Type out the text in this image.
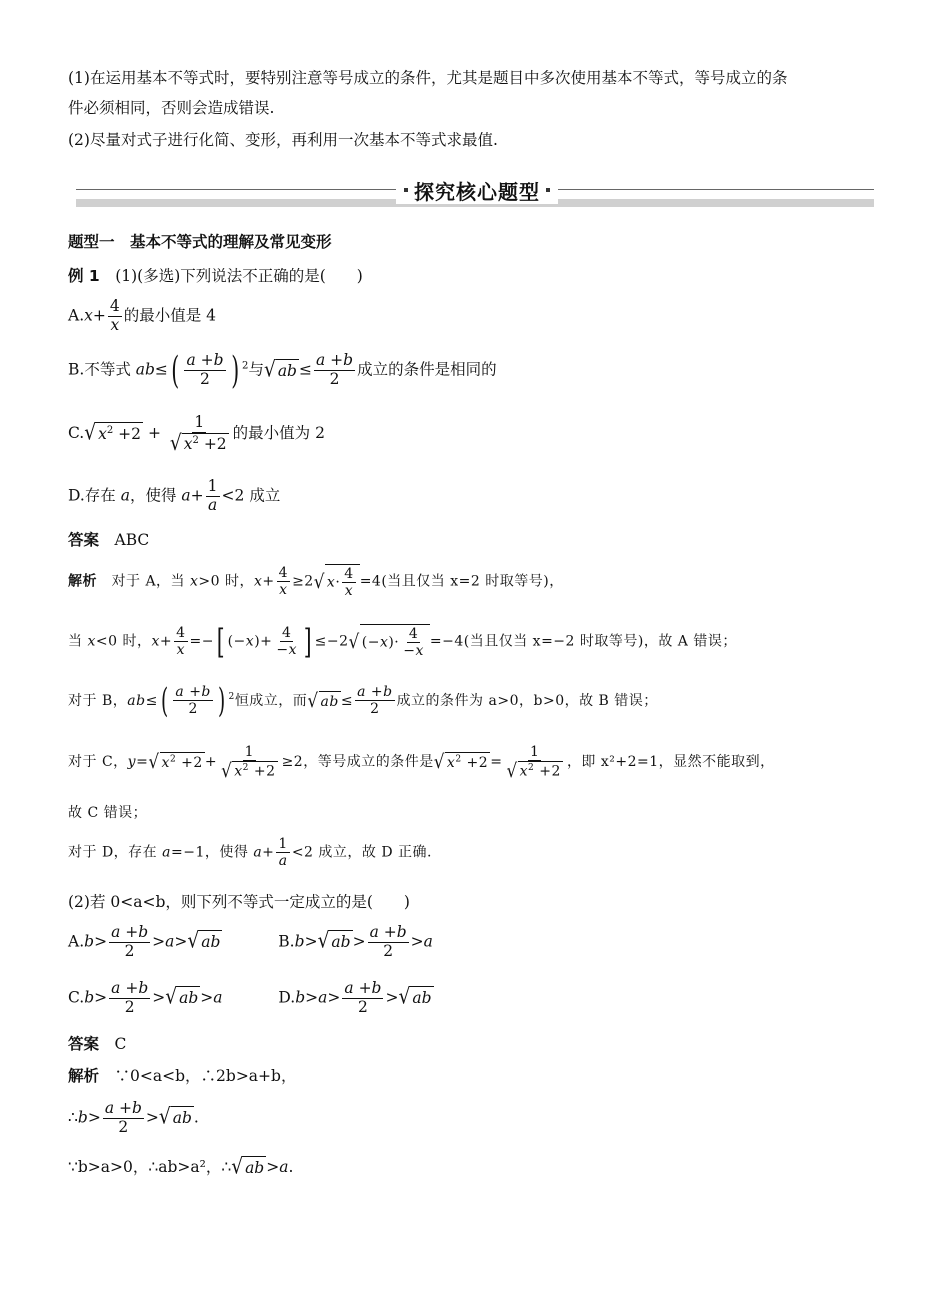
(1)在运用基本不等式时，要特别注意等号成立的条件，尤其是题目中多次使用基本不等式，等号成立的条
件必须相同，否则会造成错误.
(2)尽量对式子进行化简、变形，再利用一次基本不等式求最值.
探究核心题型
题型一　基本不等式的理解及常见变形
例 1　 (1)(多选)下列说法不正确的是(　　)
$A.x+ \frac{4}{x}$ 的最小值是 4
B.不等式 $ab\le( \frac{a +b}{2}$ ) $^2$与√ ab ≤ $\frac{a +b}{2}$ 成立的条件是相同的
C.√ $x^2 +2 + \frac{1}{√ x^2 +2}$ 的最小值为 2
D.存在 a，使得 $a+ \frac{1}{a} <2$ 成立
答案　 ABC
解析　 对于 A，当 x>0 时，$x+ \frac{4}{x} \ge 2√$ $x\cdot \frac{4}{x} =4$(当且仅当 x=2 时取等号)，
当 x<0 时，$x+ \frac{4}{x}$ =−[ $(-x)+ \frac{4}{-x}$ ] ≤−2√ $(-x)\cdot \frac{4}{-x} =-4$(当且仅当 x=−2 时取等号)，故 A 错误；
对于 B，$ab\le( \frac{a +b}{2}$ ) $^2$恒成立，而√ ab ≤ $\frac{a +b}{2}$ 成立的条件为 a>0，b>0，故 B 错误；
对于 C，y=√ $x^2 +2 + \frac{1}{√ x^2 +2} \ge 2$，等号成立的条件是√ $x^2 +2 = \frac{1}{√ x^2 +2}$ ，即 x²+2=1，显然不能取到，
故 C 错误；
对于 D，存在 a=−1，使得 $a+ \frac{1}{a} <2$ 成立，故 D 正确.
(2)若 0<a<b，则下列不等式一定成立的是(　　)
$A.b> \frac{a +b}{2} >a>√$ ab	B.b>√ ab > $\frac{a +b}{2} >a$
$C.b> \frac{a +b}{2}$ >√ ab >a	$D.b>a> \frac{a +b}{2}$ >√ ab
答案　 C
解析　 ∵0<a<b，∴2b>a+b，
∴b> $\frac{a +b}{2}$ >√ ab .
∵b>a>0，∴ab>a²，∴√ ab >a.
